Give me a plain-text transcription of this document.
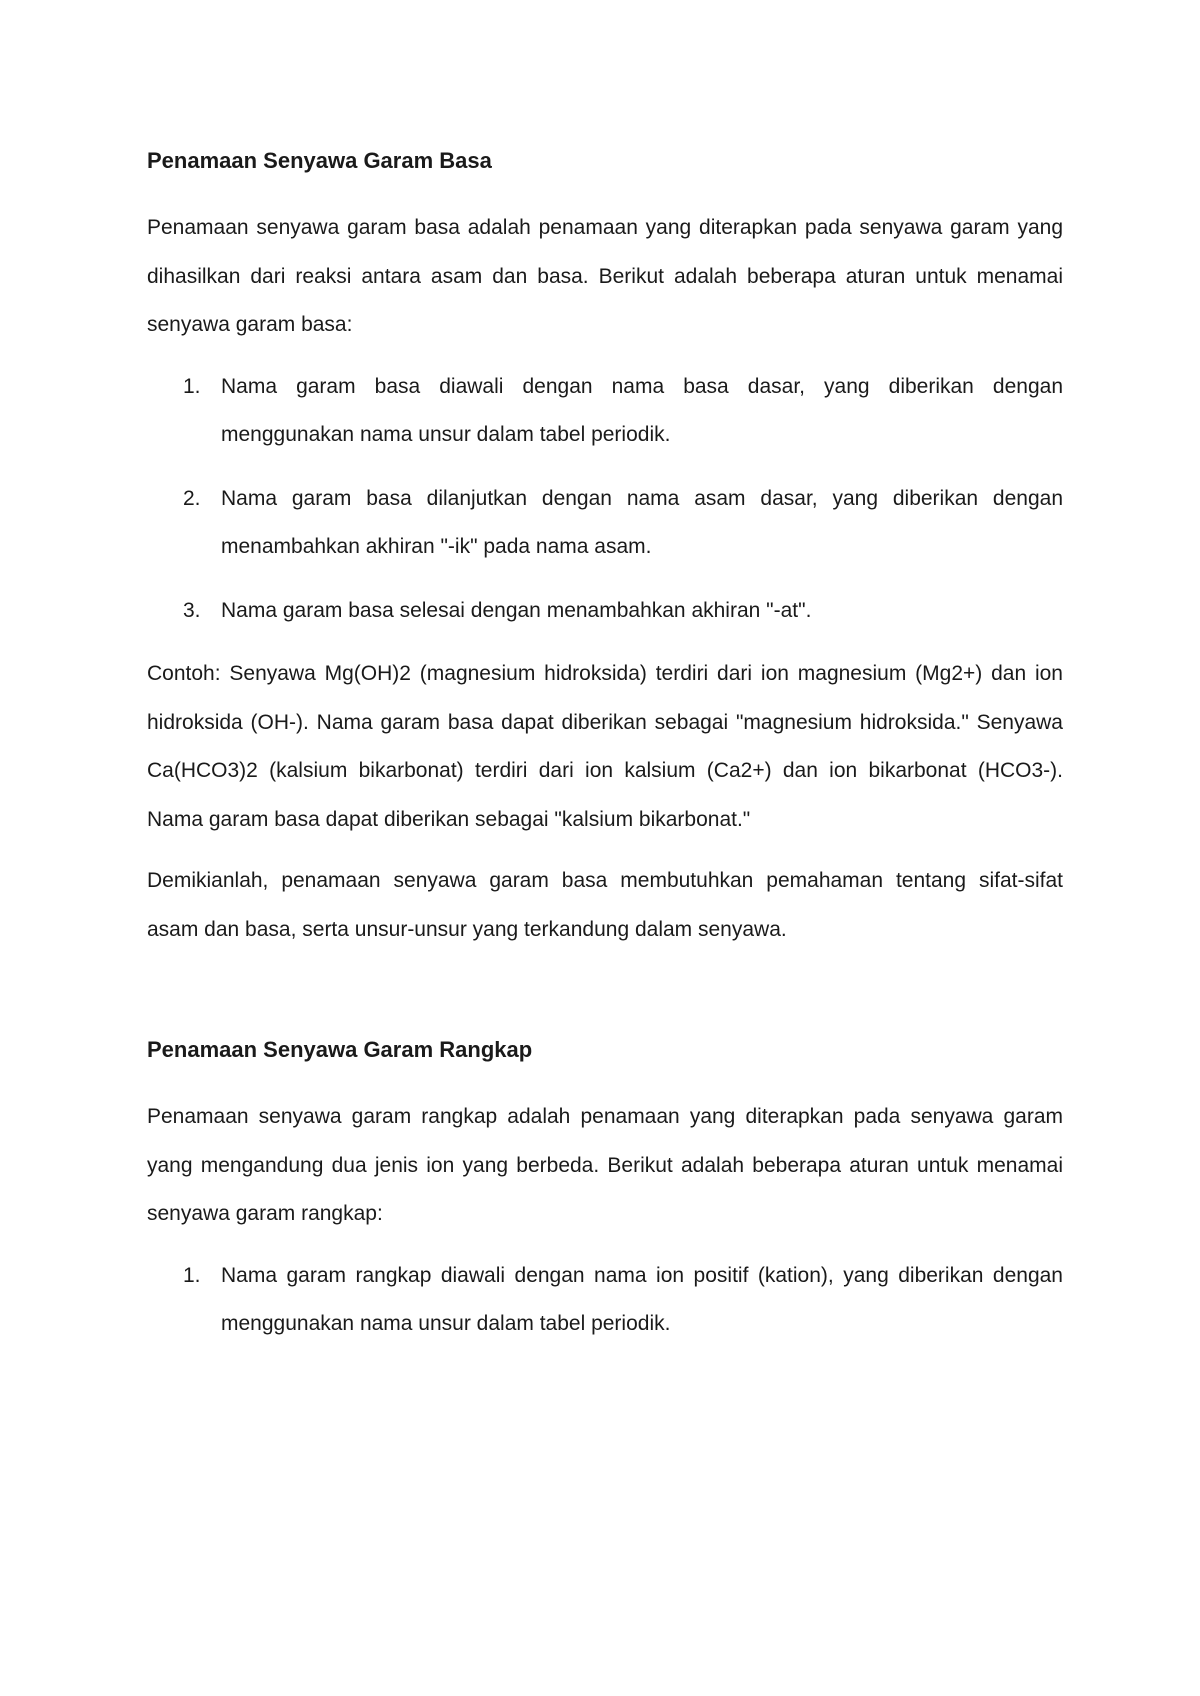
Penamaan Senyawa Garam Basa

Penamaan senyawa garam basa adalah penamaan yang diterapkan pada senyawa garam yang dihasilkan dari reaksi antara asam dan basa. Berikut adalah beberapa aturan untuk menamai senyawa garam basa:

1. Nama garam basa diawali dengan nama basa dasar, yang diberikan dengan menggunakan nama unsur dalam tabel periodik.
2. Nama garam basa dilanjutkan dengan nama asam dasar, yang diberikan dengan menambahkan akhiran "-ik" pada nama asam.
3. Nama garam basa selesai dengan menambahkan akhiran "-at".

Contoh: Senyawa Mg(OH)2 (magnesium hidroksida) terdiri dari ion magnesium (Mg2+) dan ion hidroksida (OH-). Nama garam basa dapat diberikan sebagai "magnesium hidroksida." Senyawa Ca(HCO3)2 (kalsium bikarbonat) terdiri dari ion kalsium (Ca2+) dan ion bikarbonat (HCO3-). Nama garam basa dapat diberikan sebagai "kalsium bikarbonat."

Demikianlah, penamaan senyawa garam basa membutuhkan pemahaman tentang sifat-sifat asam dan basa, serta unsur-unsur yang terkandung dalam senyawa.

Penamaan Senyawa Garam Rangkap

Penamaan senyawa garam rangkap adalah penamaan yang diterapkan pada senyawa garam yang mengandung dua jenis ion yang berbeda. Berikut adalah beberapa aturan untuk menamai senyawa garam rangkap:

1. Nama garam rangkap diawali dengan nama ion positif (kation), yang diberikan dengan menggunakan nama unsur dalam tabel periodik.
